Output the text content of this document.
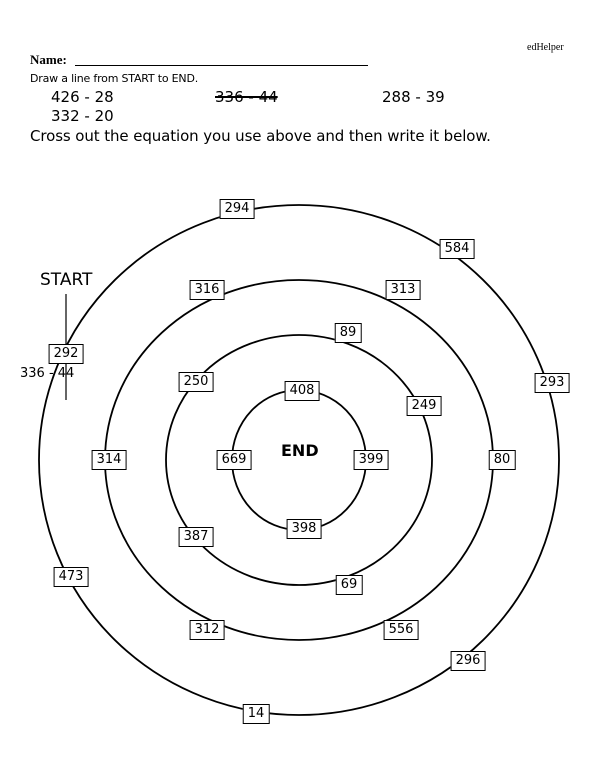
edHelper
Name:
Draw a line from START to END.
426 - 28	336 - 44	288 - 39
332 - 20
Cross out the equation you use above and then write it below.
START
336 - 44
END
294
584
293
296
14
473
292
316	313
80
556
312
314
89
249
69
387
250
408
399
398
669
